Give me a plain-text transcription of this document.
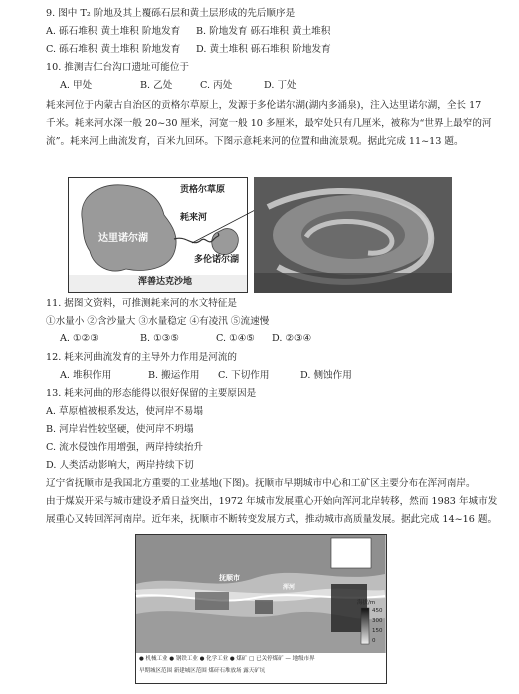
9. 图中 T₂ 阶地及其上覆砾石层和黄土层形成的先后顺序是
A. 砾石堆积 黄土堆积 阶地发育 B. 阶地发育 砾石堆积 黄土堆积
C. 砾石堆积 黄土堆积 阶地发育 D. 黄土堆积 砾石堆积 阶地发育
10. 推测吉仁台沟口遗址可能位于
A. 甲处	B. 乙处	C. 丙处	D. 丁处
耗来河位于内蒙古自治区的贡格尔草原上，发源于多伦诺尔湖(湖内多涌泉)，注入达里诺尔湖，全长 17
千米。耗来河水深一般 20~30 厘米，河宽一般 10 多厘米，最窄处只有几厘米，被称为“世界上最窄的河
流”。耗来河上曲流发育，百米九回环。下图示意耗来河的位置和曲流景观。据此完成 11~13 题。
贡格尔草原
耗来河
达里诺尔湖
多伦诺尔湖
浑善达克沙地
11. 据图文资料，可推测耗来河的水文特征是
①水量小 ②含沙量大 ③水量稳定 ④有凌汛 ⑤流速慢
A. ①②③	B. ①③⑤	C. ①④⑤ D. ②③④
12. 耗来河曲流发育的主导外力作用是河流的
A. 堆积作用	B. 搬运作用 C. 下切作用	D. 侧蚀作用
13. 耗来河曲的形态能得以很好保留的主要原因是
A. 草原植被根系发达，使河岸不易塌
B. 河岸岩性较坚硬，使河岸不坍塌
C. 流水侵蚀作用增强，两岸持续抬升
D. 人类活动影响大，两岸持续下切
辽宁省抚顺市是我国北方重要的工业基地(下图)。抚顺市早期城市中心和工矿区主要分布在浑河南岸。
由于煤炭开采与城市建设矛盾日益突出，1972 年城市发展重心开始向浑河北岸转移，然而 1983 年城市发
展重心又转回浑河南岸。近年来，抚顺市不断转变发展方式，推动城市高质量发展。据此完成 14~16 题。
抚顺市
浑河
海拔/m
450
300
150
0
● 机械工业 ● 钢铁工业 ● 化学工业 ● 煤矿 □ 已关停煤矿 — 地级市界
早期城区范围 新建城区范围 煤矸石堆放场 露天矿坑
